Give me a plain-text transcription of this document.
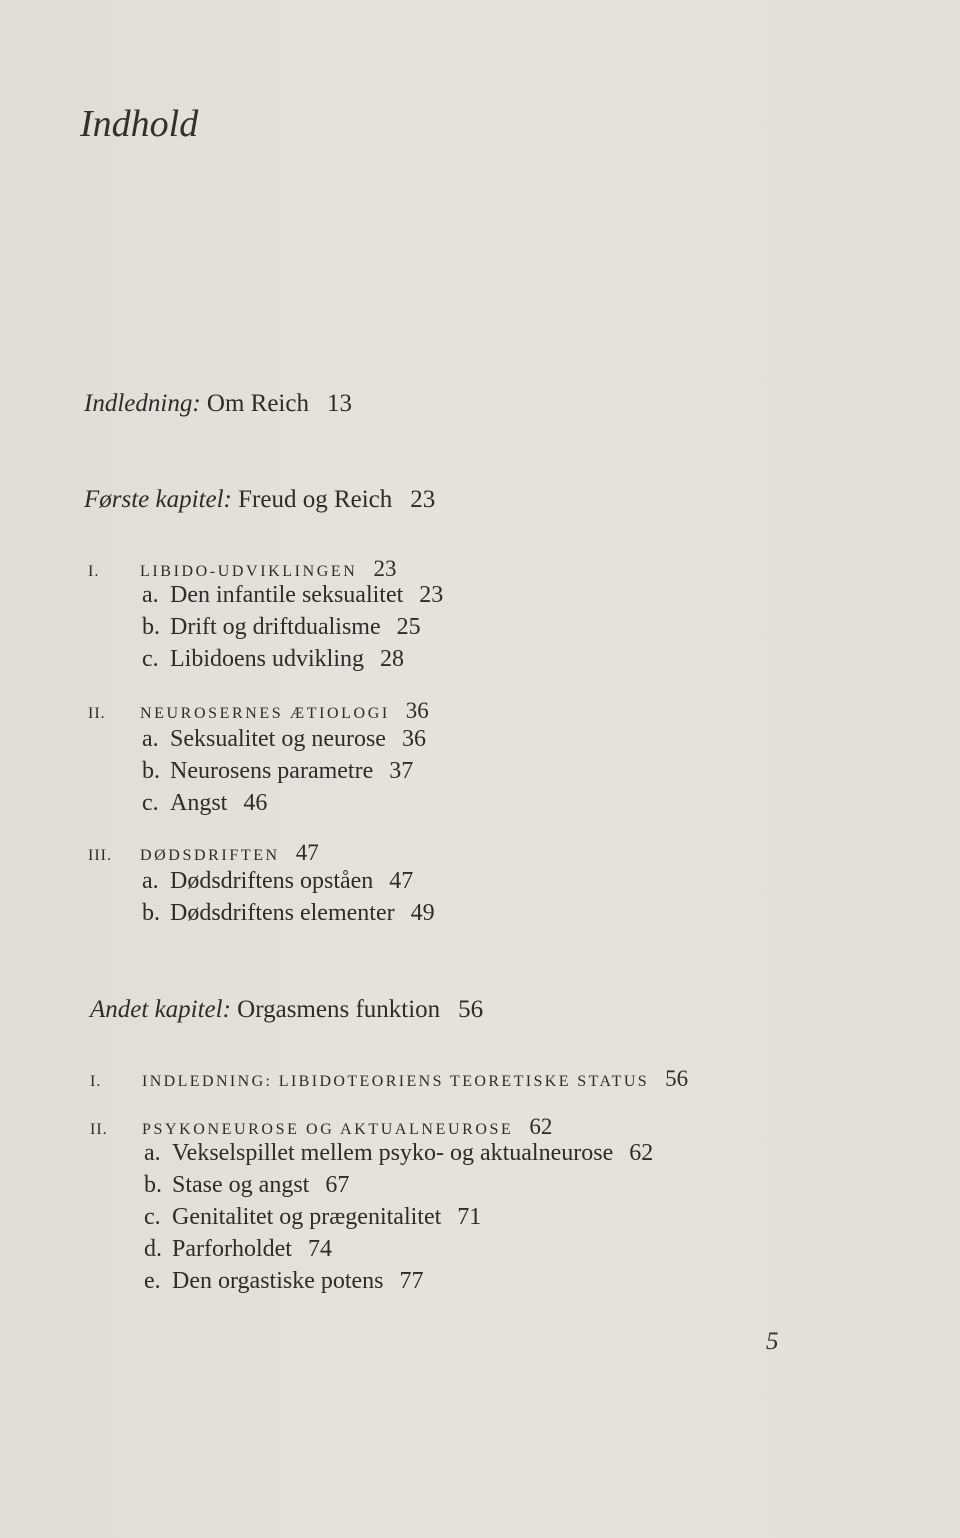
Indhold
Indledning: Om Reich 13
Første kapitel: Freud og Reich 23
I.	LIBIDO-UDVIKLINGEN 23
a. Den infantile seksualitet 23
b. Drift og driftdualisme 25
c. Libidoens udvikling 28
II. NEUROSERNES ÆTIOLOGI 36
a. Seksualitet og neurose 36
b. Neurosens parametre 37
c. Angst 46
III. DØDSDRIFTEN 47
a. Dødsdriftens opståen 47
b. Dødsdriftens elementer 49
Andet kapitel: Orgasmens funktion 56
I.	INDLEDNING: LIBIDOTEORIENS TEORETISKE STATUS 56
II. PSYKONEUROSE OG AKTUALNEUROSE 62
a. Vekselspillet mellem psyko- og aktualneurose 62
b. Stase og angst 67
c. Genitalitet og prægenitalitet 71
d. Parforholdet 74
e. Den orgastiske potens 77
5
